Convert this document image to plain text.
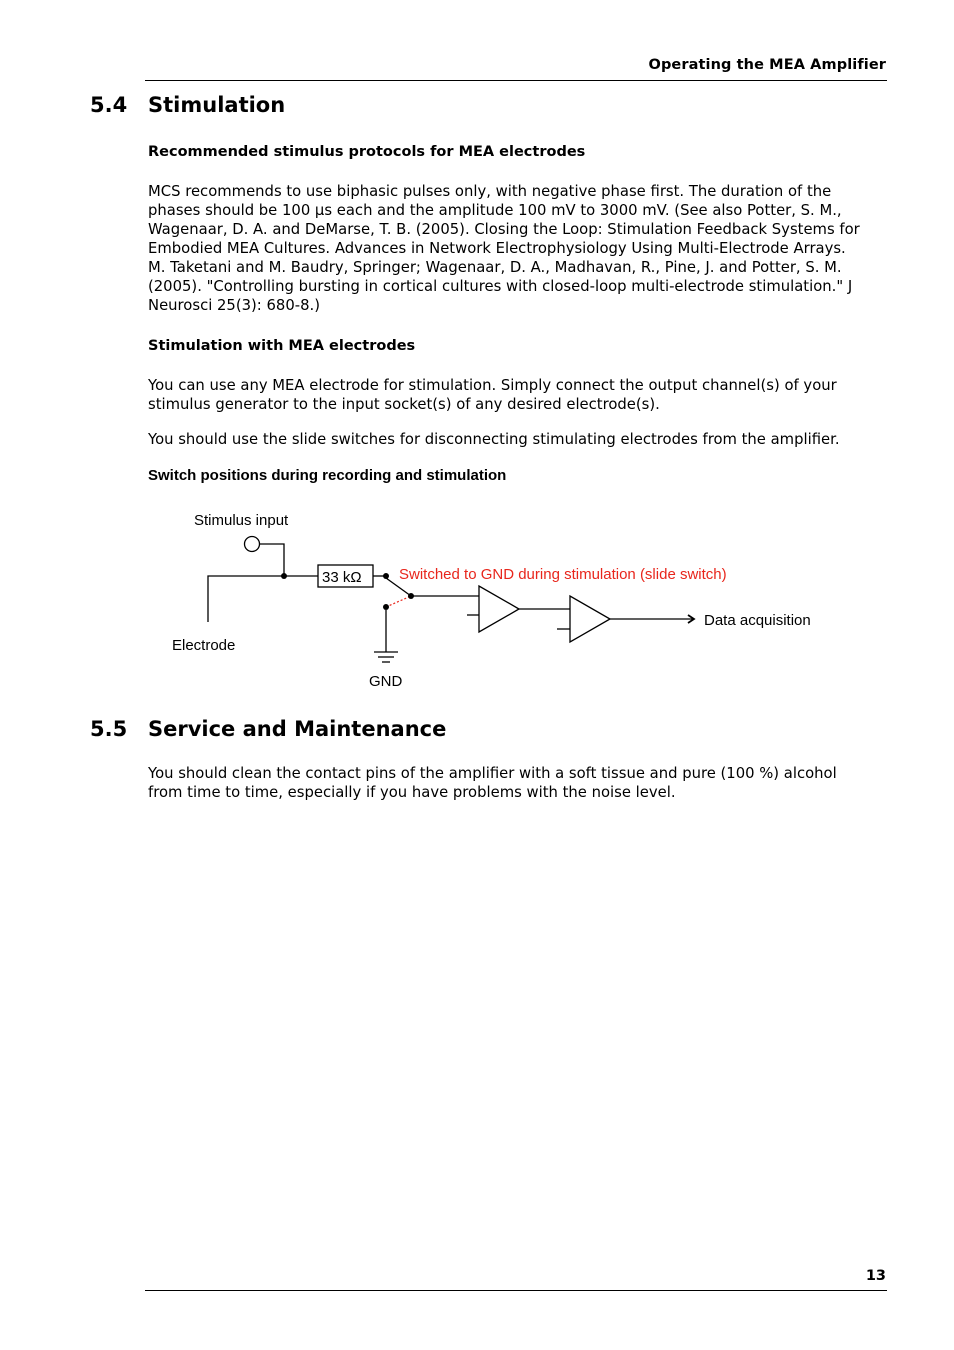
Operating the MEA Amplifier
5.4 Stimulation
Recommended stimulus protocols for MEA electrodes
MCS recommends to use biphasic pulses only, with negative phase first. The duration of the phases should be 100 µs each and the amplitude 100 mV to 3000 mV. (See also Potter, S. M., Wagenaar, D. A. and DeMarse, T. B. (2005). Closing the Loop: Stimulation Feedback Systems for Embodied MEA Cultures. Advances in Network Electrophysiology Using Multi-Electrode Arrays. M. Taketani and M. Baudry, Springer; Wagenaar, D. A., Madhavan, R., Pine, J. and Potter, S. M. (2005). "Controlling bursting in cortical cultures with closed-loop multi-electrode stimulation." J Neurosci 25(3): 680-8.)
Stimulation with MEA electrodes
You can use any MEA electrode for stimulation. Simply connect the output channel(s) of your stimulus generator to the input socket(s) of any desired electrode(s).
You should use the slide switches for disconnecting stimulating electrodes from the amplifier.
Switch positions during recording and stimulation
Stimulus input
Electrode
33 kΩ Switched to GND during stimulation (slide switch)
GND
Data acquisition
5.5 Service and Maintenance
You should clean the contact pins of the amplifier with a soft tissue and pure (100 %) alcohol from time to time, especially if you have problems with the noise level.
13
